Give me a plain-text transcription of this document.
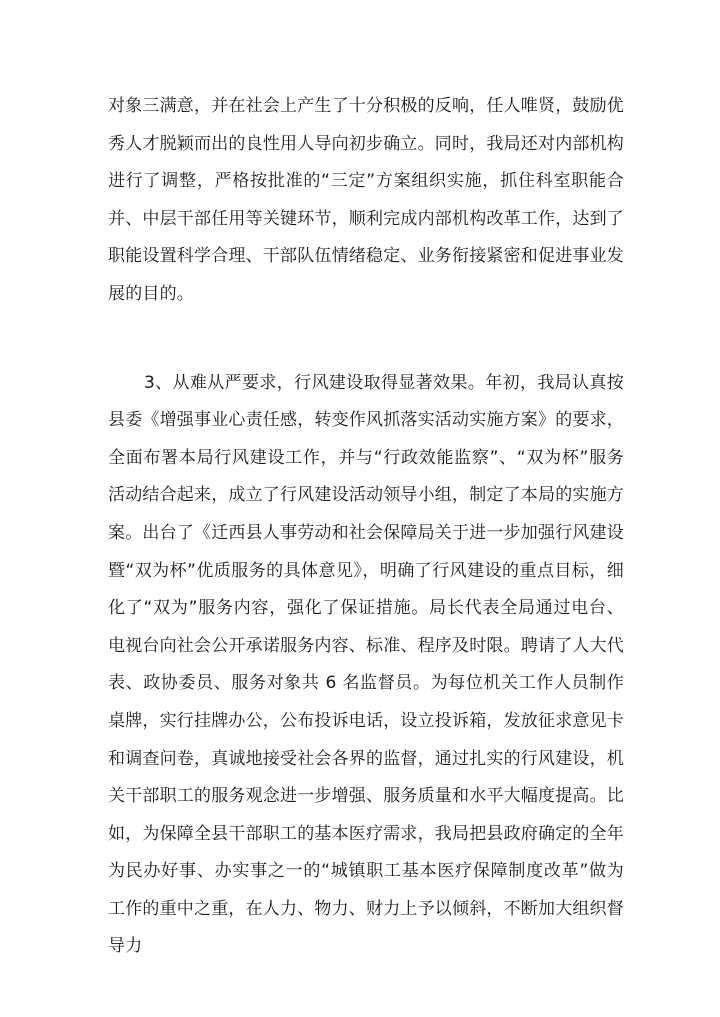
对象三满意，并在社会上产生了十分积极的反响，任人唯贤，鼓励优秀人才脱颖而出的良性用人导向初步确立。同时，我局还对内部机构进行了调整，严格按批准的“三定”方案组织实施，抓住科室职能合并、中层干部任用等关键环节，顺利完成内部机构改革工作，达到了职能设置科学合理、干部队伍情绪稳定、业务衔接紧密和促进事业发展的目的。

3、从难从严要求，行风建设取得显著效果。年初，我局认真按县委《增强事业心责任感，转变作风抓落实活动实施方案》的要求，全面布署本局行风建设工作，并与“行政效能监察”、“双为杯”服务活动结合起来，成立了行风建设活动领导小组，制定了本局的实施方案。出台了《迁西县人事劳动和社会保障局关于进一步加强行风建设暨“双为杯”优质服务的具体意见》，明确了行风建设的重点目标，细化了“双为”服务内容，强化了保证措施。局长代表全局通过电台、电视台向社会公开承诺服务内容、标准、程序及时限。聘请了人大代表、政协委员、服务对象共 6 名监督员。为每位机关工作人员制作桌牌，实行挂牌办公，公布投诉电话，设立投诉箱，发放征求意见卡和调查问卷，真诚地接受社会各界的监督，通过扎实的行风建设，机关干部职工的服务观念进一步增强、服务质量和水平大幅度提高。比如，为保障全县干部职工的基本医疗需求，我局把县政府确定的全年为民办好事、办实事之一的“城镇职工基本医疗保障制度改革”做为工作的重中之重，在人力、物力、财力上予以倾斜，不断加大组织督导力
